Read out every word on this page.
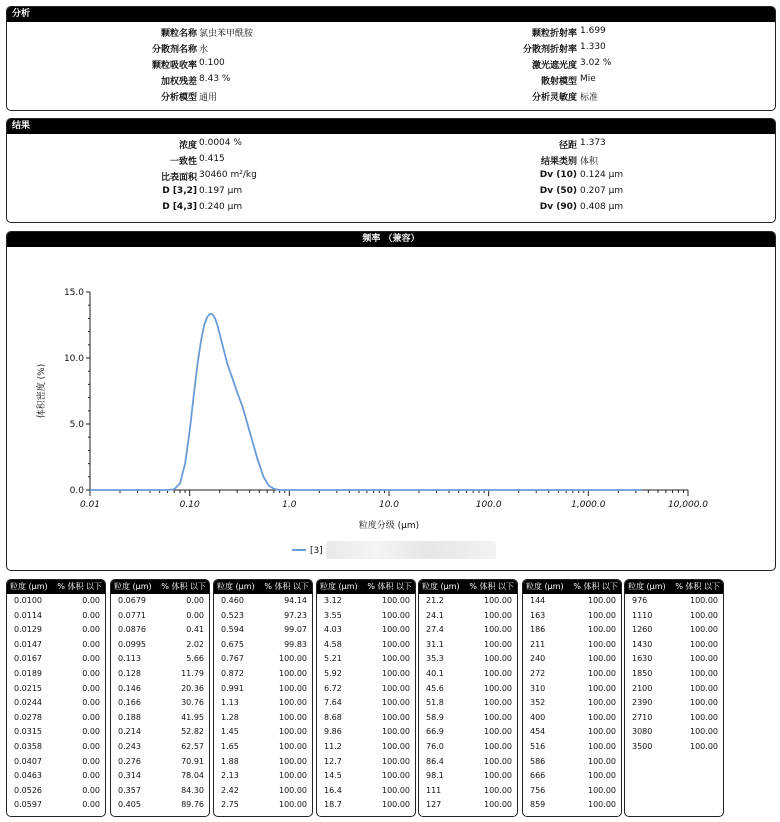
分析
颗粒名称 氯虫苯甲酰胺
分散剂名称 水
颗粒吸收率 0.100
加权残差 8.43 %
分析模型 通用
颗粒折射率 1.699
分散剂折射率 1.330
激光遮光度 3.02 %
散射模型 Mie
分析灵敏度 标准
结果
浓度 0.0004 %
一致性 0.415
比表面积 30460 m²/kg
D [3,2] 0.197 μm
D [4,3] 0.240 μm
径距 1.373
结果类别 体积
Dv (10) 0.124 μm
Dv (50) 0.207 μm
Dv (90) 0.408 μm
频率 （兼容）
0.0
5.0
10.0
15.0
0.01	0.10	1.0	10.0	100.0	1,000.0	10,000.0
粒度分级 (μm)
体积密度 (%)
[3]
粒度 (μm) % 体积 以下
0.0100	0.00
0.0114	0.00
0.0129	0.00
0.0147	0.00
0.0167	0.00
0.0189	0.00
0.0215	0.00
0.0244	0.00
0.0278	0.00
0.0315	0.00
0.0358	0.00
0.0407	0.00
0.0463	0.00
0.0526	0.00
0.0597	0.00
粒度 (μm) % 体积 以下
0.0679	0.00
0.0771	0.00
0.0876	0.41
0.0995	2.02
0.113	5.66
0.128	11.79
0.146	20.36
0.166	30.76
0.188	41.95
0.214	52.82
0.243	62.57
0.276	70.91
0.314	78.04
0.357	84.30
0.405	89.76
粒度 (μm) % 体积 以下
0.460	94.14
0.523	97.23
0.594	99.07
0.675	99.83
0.767	100.00
0.872	100.00
0.991	100.00
1.13	100.00
1.28	100.00
1.45	100.00
1.65	100.00
1.88	100.00
2.13	100.00
2.42	100.00
2.75	100.00
粒度 (μm) % 体积 以下
3.12	100.00
3.55	100.00
4.03	100.00
4.58	100.00
5.21	100.00
5.92	100.00
6.72	100.00
7.64	100.00
8.68	100.00
9.86	100.00
11.2	100.00
12.7	100.00
14.5	100.00
16.4	100.00
18.7	100.00
粒度 (μm) % 体积 以下
21.2	100.00
24.1	100.00
27.4	100.00
31.1	100.00
35.3	100.00
40.1	100.00
45.6	100.00
51.8	100.00
58.9	100.00
66.9	100.00
76.0	100.00
86.4	100.00
98.1	100.00
111	100.00
127	100.00
粒度 (μm) % 体积 以下
144	100.00
163	100.00
186	100.00
211	100.00
240	100.00
272	100.00
310	100.00
352	100.00
400	100.00
454	100.00
516	100.00
586	100.00
666	100.00
756	100.00
859	100.00
粒度 (μm) % 体积 以下
976	100.00
1110	100.00
1260	100.00
1430	100.00
1630	100.00
1850	100.00
2100	100.00
2390	100.00
2710	100.00
3080	100.00
3500	100.00
